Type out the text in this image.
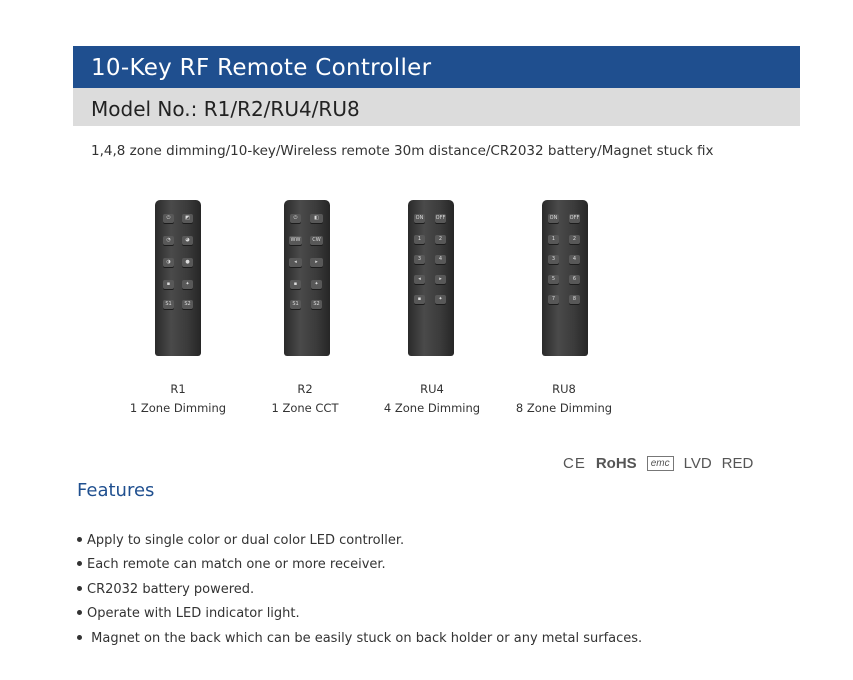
10-Key RF Remote Controller
Model No.: R1/R2/RU4/RU8
1,4,8 zone dimming/10-key/Wireless remote 30m distance/CR2032 battery/Magnet stuck fix
⏻	◩
◔	◕
◑	●
▪	✦
S1	S2
⏻	◧
WW	CW
◂	▸
▪	✦
S1	S2
ON	OFF
1	2
3	4
◂	▸
▪	✦
ON	OFF
1	2
3	4
5	6
7	8
R1
1 Zone Dimming
R2
1 Zone CCT
RU4
4 Zone Dimming
RU8
8 Zone Dimming
CE RoHS	emc LVD RED
Features
Apply to single color or dual color LED controller.
Each remote can match one or more receiver.
CR2032 battery powered.
Operate with LED indicator light.
Magnet on the back which can be easily stuck on back holder or any metal surfaces.
